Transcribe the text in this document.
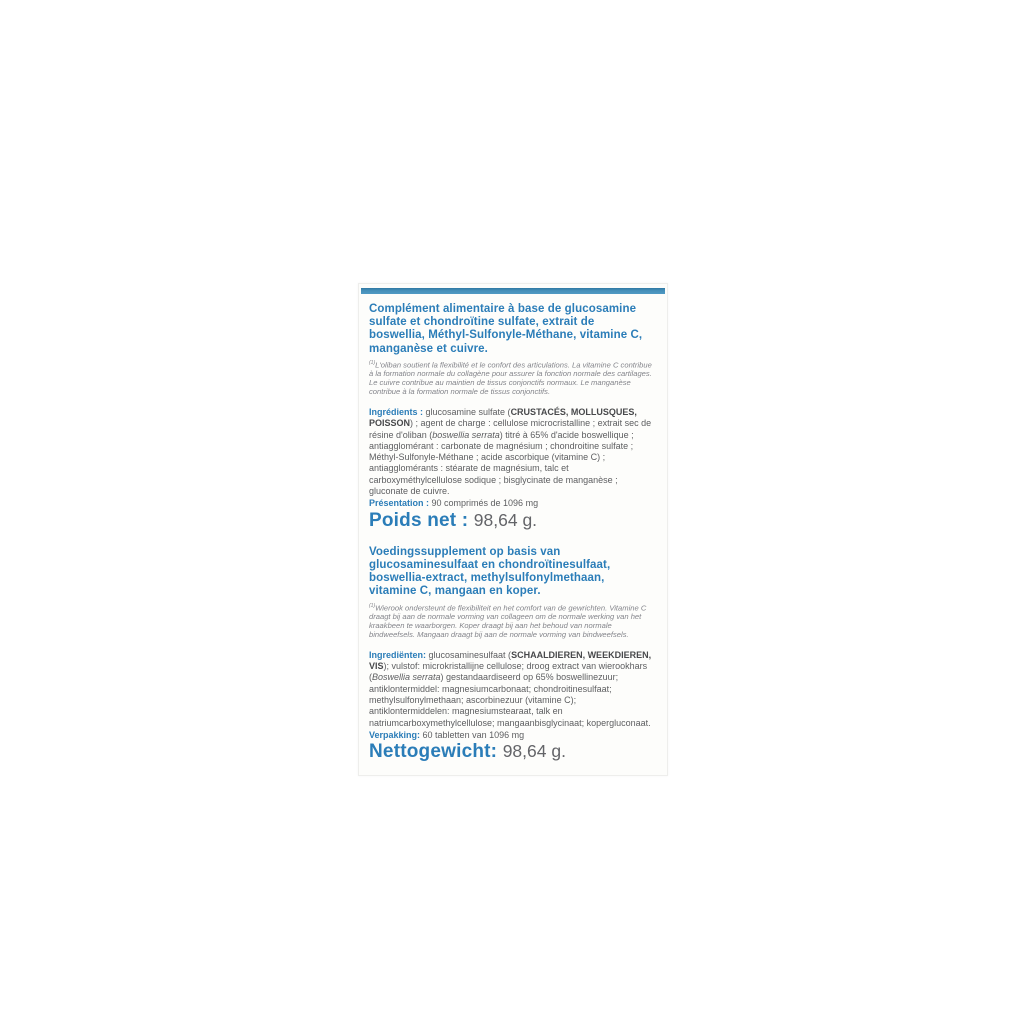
Complément alimentaire à base de glucosamine sulfate et chondroïtine sulfate, extrait de boswellia, Méthyl-Sulfonyle-Méthane, vitamine C, manganèse et cuivre.

$^{(1)}$L'oliban soutient la flexibilité et le confort des articulations. La vitamine C contribue à la formation normale du collagène pour assurer la fonction normale des cartilages. Le cuivre contribue au maintien de tissus conjonctifs normaux. Le manganèse contribue à la formation normale de tissus conjonctifs.

Ingrédients : glucosamine sulfate (CRUSTACÉS, MOLLUSQUES, POISSON) ; agent de charge : cellulose microcristalline ; extrait sec de résine d'oliban (boswellia serrata) titré à 65% d'acide boswellique ; antiagglomérant : carbonate de magnésium ; chondroitine sulfate ; Méthyl-Sulfonyle-Méthane ; acide ascorbique (vitamine C) ; antiagglomérants : stéarate de magnésium, talc et carboxyméthylcellulose sodique ; bisglycinate de manganèse ; gluconate de cuivre.

Présentation : 90 comprimés de 1096 mg

Poids net : 98,64 g.

Voedingssupplement op basis van glucosaminesulfaat en chondroïtinesulfaat, boswellia-extract, methylsulfonylmethaan, vitamine C, mangaan en koper.

$^{(1)}$Wierook ondersteunt de flexibiliteit en het comfort van de gewrichten. Vitamine C draagt bij aan de normale vorming van collageen om de normale werking van het kraakbeen te waarborgen. Koper draagt bij aan het behoud van normale bindweefsels. Mangaan draagt bij aan de normale vorming van bindweefsels.

Ingrediënten: glucosaminesulfaat (SCHAALDIEREN, WEEKDIEREN, VIS); vulstof: microkristallijne cellulose; droog extract van wierookhars (Boswellia serrata) gestandaardiseerd op 65% boswellinezuur; antiklontermiddel: magnesiumcarbonaat; chondroitinesulfaat; methylsulfonylmethaan; ascorbinezuur (vitamine C); antiklontermiddelen: magnesiumstearaat, talk en natriumcarboxymethylcellulose; mangaanbisglycinaat; kopergluconaat.

Verpakking: 60 tabletten van 1096 mg

Nettogewicht: 98,64 g.
